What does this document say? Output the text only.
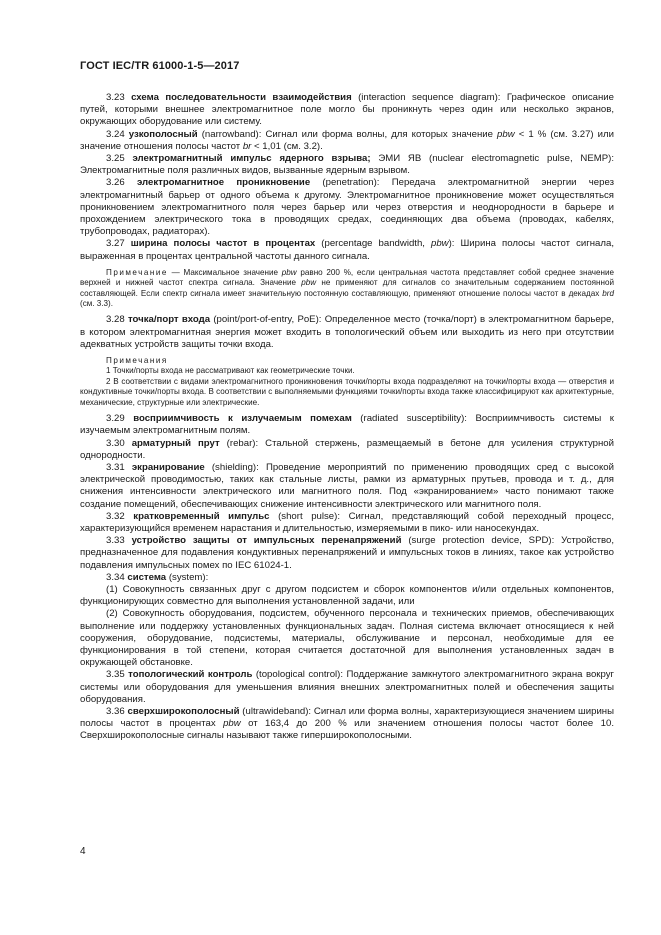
ГОСТ IEC/TR 61000-1-5—2017

3.23 схема последовательности взаимодействия (interaction sequence diagram): Графическое описание путей, которыми внешнее электромагнитное поле могло бы проникнуть через один или несколько экранов, окружающих оборудование или систему.

3.24 узкополосный (narrowband): Сигнал или форма волны, для которых значение pbw < 1 % (см. 3.27) или значение отношения полосы частот br < 1,01 (см. 3.2).

3.25 электромагнитный импульс ядерного взрыва; ЭМИ ЯВ (nuclear electromagnetic pulse, NEMP): Электромагнитные поля различных видов, вызванные ядерным взрывом.

3.26 электромагнитное проникновение (penetration): Передача электромагнитной энергии через электромагнитный барьер от одного объема к другому. Электромагнитное проникновение может осуществляться проникновением электромагнитного поля через барьер или через отверстия и неоднородности в барьере и прохождением электрического тока в проводящих средах, соединяющих два объема (проводах, кабелях, трубопроводах, радиаторах).

3.27 ширина полосы частот в процентах (percentage bandwidth, pbw): Ширина полосы частот сигнала, выраженная в процентах центральной частоты данного сигнала.

Примечание — Максимальное значение pbw равно 200 %, если центральная частота представляет собой среднее значение верхней и нижней частот спектра сигнала. Значение pbw не применяют для сигналов со значительным содержанием постоянной составляющей. Если спектр сигнала имеет значительную постоянную составляющую, применяют отношение полосы частот в декадах brd (см. 3.3).

3.28 точка/порт входа (point/port-of-entry, PoE): Определенное место (точка/порт) в электромагнитном барьере, в котором электромагнитная энергия может входить в топологический объем или выходить из него при отсутствии адекватных устройств защиты точки входа.

Примечания

1 Точки/порты входа не рассматривают как геометрические точки.

2 В соответствии с видами электромагнитного проникновения точки/порты входа подразделяют на точки/порты входа — отверстия и кондуктивные точки/порты входа. В соответствии с выполняемыми функциями точки/порты входа также классифицируют как архитектурные, механические, структурные или электрические.

3.29 восприимчивость к излучаемым помехам (radiated susceptibility): Восприимчивость системы к изучаемым электромагнитным полям.

3.30 арматурный прут (rebar): Стальной стержень, размещаемый в бетоне для усиления структурной однородности.

3.31 экранирование (shielding): Проведение мероприятий по применению проводящих сред с высокой электрической проводимостью, таких как стальные листы, рамки из арматурных прутьев, провода и т. д., для снижения интенсивности электрического или магнитного поля. Под «экранированием» часто понимают также создание помещений, обеспечивающих снижение интенсивности электрического или магнитного поля.

3.32 кратковременный импульс (short pulse): Сигнал, представляющий собой переходный процесс, характеризующийся временем нарастания и длительностью, измеряемыми в пико- или наносекундах.

3.33 устройство защиты от импульсных перенапряжений (surge protection device, SPD): Устройство, предназначенное для подавления кондуктивных перенапряжений и импульсных токов в линиях, такое как устройство подавления импульсных помех по IEC 61024-1.

3.34 система (system):

(1) Совокупность связанных друг с другом подсистем и сборок компонентов и/или отдельных компонентов, функционирующих совместно для выполнения установленной задачи, или

(2) Совокупность оборудования, подсистем, обученного персонала и технических приемов, обеспечивающих выполнение или поддержку установленных функциональных задач. Полная система включает относящиеся к ней сооружения, оборудование, подсистемы, материалы, обслуживание и персонал, необходимые для ее функционирования в той степени, которая считается достаточной для выполнения установленных задач в окружающей обстановке.

3.35 топологический контроль (topological control): Поддержание замкнутого электромагнитного экрана вокруг системы или оборудования для уменьшения влияния внешних электромагнитных полей и обеспечения защиты оборудования.

3.36 сверхширокополосный (ultrawideband): Сигнал или форма волны, характеризующиеся значением ширины полосы частот в процентах pbw от 163,4 до 200 % или значением отношения полосы частот более 10. Сверхширокополосные сигналы называют также гиперширокополосными.

4
